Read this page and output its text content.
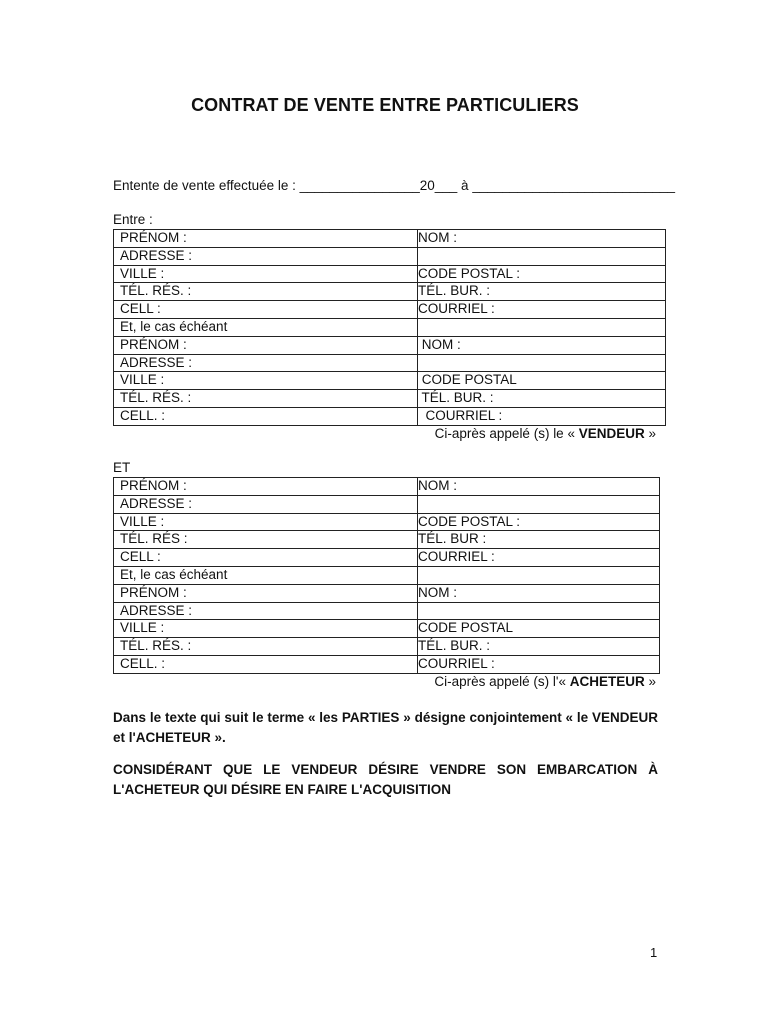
CONTRAT DE VENTE ENTRE PARTICULIERS
Entente de vente effectuée le : ________________20___ à ___________________________
Entre :
PRÉNOM :	NOM :
ADRESSE :	
VILLE :	CODE POSTAL :
TÉL. RÉS. :	TÉL. BUR. :
CELL :	COURRIEL :
Et, le cas échéant	
PRÉNOM :	NOM :
ADRESSE :	
VILLE :	CODE POSTAL
TÉL. RÉS. :	TÉL. BUR. :
CELL. :	COURRIEL :
Ci-après appelé (s) le « VENDEUR »
ET
PRÉNOM :	NOM :
ADRESSE :	
VILLE :	CODE POSTAL :
TÉL. RÉS :	TÉL. BUR :
CELL :	COURRIEL :
Et, le cas échéant	
PRÉNOM :	NOM :
ADRESSE :	
VILLE :	CODE POSTAL
TÉL. RÉS. :	TÉL. BUR. :
CELL. :	COURRIEL :
Ci-après appelé (s) l'« ACHETEUR »
Dans le texte qui suit le terme « les PARTIES » désigne conjointement « le VENDEUR et l'ACHETEUR ».
CONSIDÉRANT QUE LE VENDEUR DÉSIRE VENDRE SON EMBARCATION À L'ACHETEUR QUI DÉSIRE EN FAIRE L'ACQUISITION
1
